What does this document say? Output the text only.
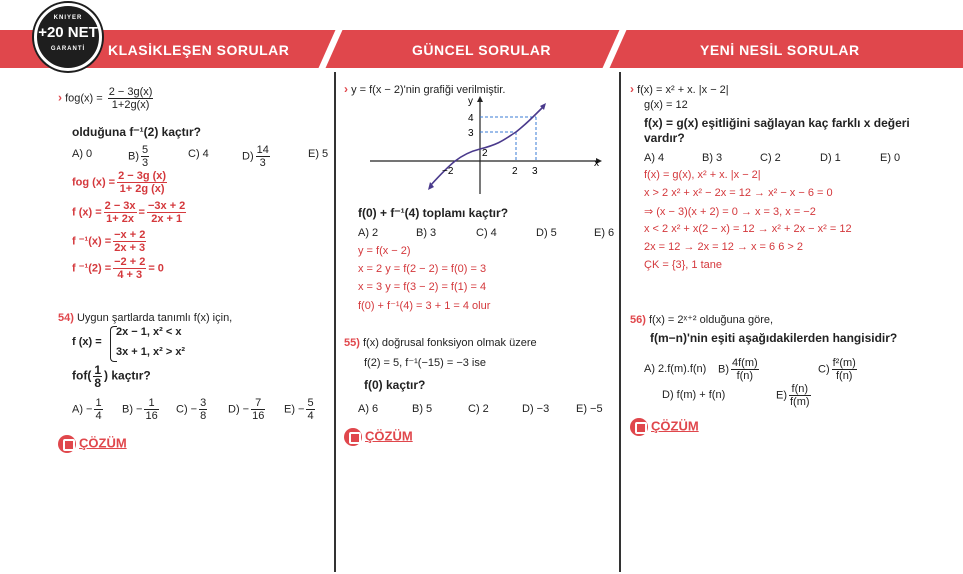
KLASİKLEŞEN SORULAR	GÜNCEL SORULAR	YENİ NESİL SORULAR
KNIYER
+20 NET
GARANTİ
› $fog(x) = \frac{2 - 3g(x)}{1+2g(x)}$
olduğuna f⁻¹(2) kaçtır?
A) 0	$B) \frac{5}{3}$	C) 4	$D) \frac{14}{3}$	E) 5
fog $(x) = \frac{2 - 3g (x)}{1+ 2g (x)}$
f $(x) = \frac{2 - 3x}{1+ 2x} = \frac{-3x + 2}{2x + 1}$
f $^{-1}(x) = \frac{-x + 2}{2x + 3}$
f $^{-1}(2) = \frac{-2 + 2}{4 + 3} = 0$
54) Uygun şartlarda tanımlı f(x) için,
f (x) =
2x − 1, x² < x
3x + 1, x² > x²
$fof( \frac{1}{8}$ ) kaçtır?
$A) - \frac{1}{4} B) - \frac{1}{16} C) - \frac{3}{8} D) - \frac{7}{16} E) - \frac{5}{4}$
ÇÖZÜM
› y = f(x − 2)'nin grafiği verilmiştir.
y
x
4
3
2
−2	2 3
f(0) + f⁻¹(4) toplamı kaçtır?
A) 2	B) 3	C) 4	D) 5	E) 6
y = f(x − 2)
x = 2 y = f(2 − 2) = f(0) = 3
x = 3 y = f(3 − 2) = f(1) = 4
f(0) + f⁻¹(4) = 3 + 1 = 4 olur
55) f(x) doğrusal fonksiyon olmak üzere
f(2) = 5, f⁻¹(−15) = −3 ise
f(0) kaçtır?
A) 6	B) 5	C) 2	D) −3 E) −5
ÇÖZÜM
› f(x) = x² + x. |x − 2|
g(x) = 12
f(x) = g(x) eşitliğini sağlayan kaç farklı x değeri
vardır?
A) 4	B) 3	C) 2	D) 1	E) 0
f(x) = g(x), x² + x. |x − 2|
x > 2 x² + x² − 2x = 12 → x² − x − 6 = 0
⇒ (x − 3)(x + 2) = 0 → x = 3, x = −2
x < 2 x² + x(2 − x) = 12 → x² + 2x − x² = 12
2x = 12 → 2x = 12 → x = 6 6 > 2
ÇK = {3}, 1 tane
56) f(x) = 2ˣ⁺² olduğuna göre,
f(m−n)'nin eşiti aşağıdakilerden hangisidir?
A) 2.f(m).f(n) $B) \frac{4f(m)}{f(n)}$	$C) \frac{\text{f²(m)}}{f(n)}$
D) f(m) + f(n)	$E) \frac{f(n)}{f(m)}$
ÇÖZÜM
